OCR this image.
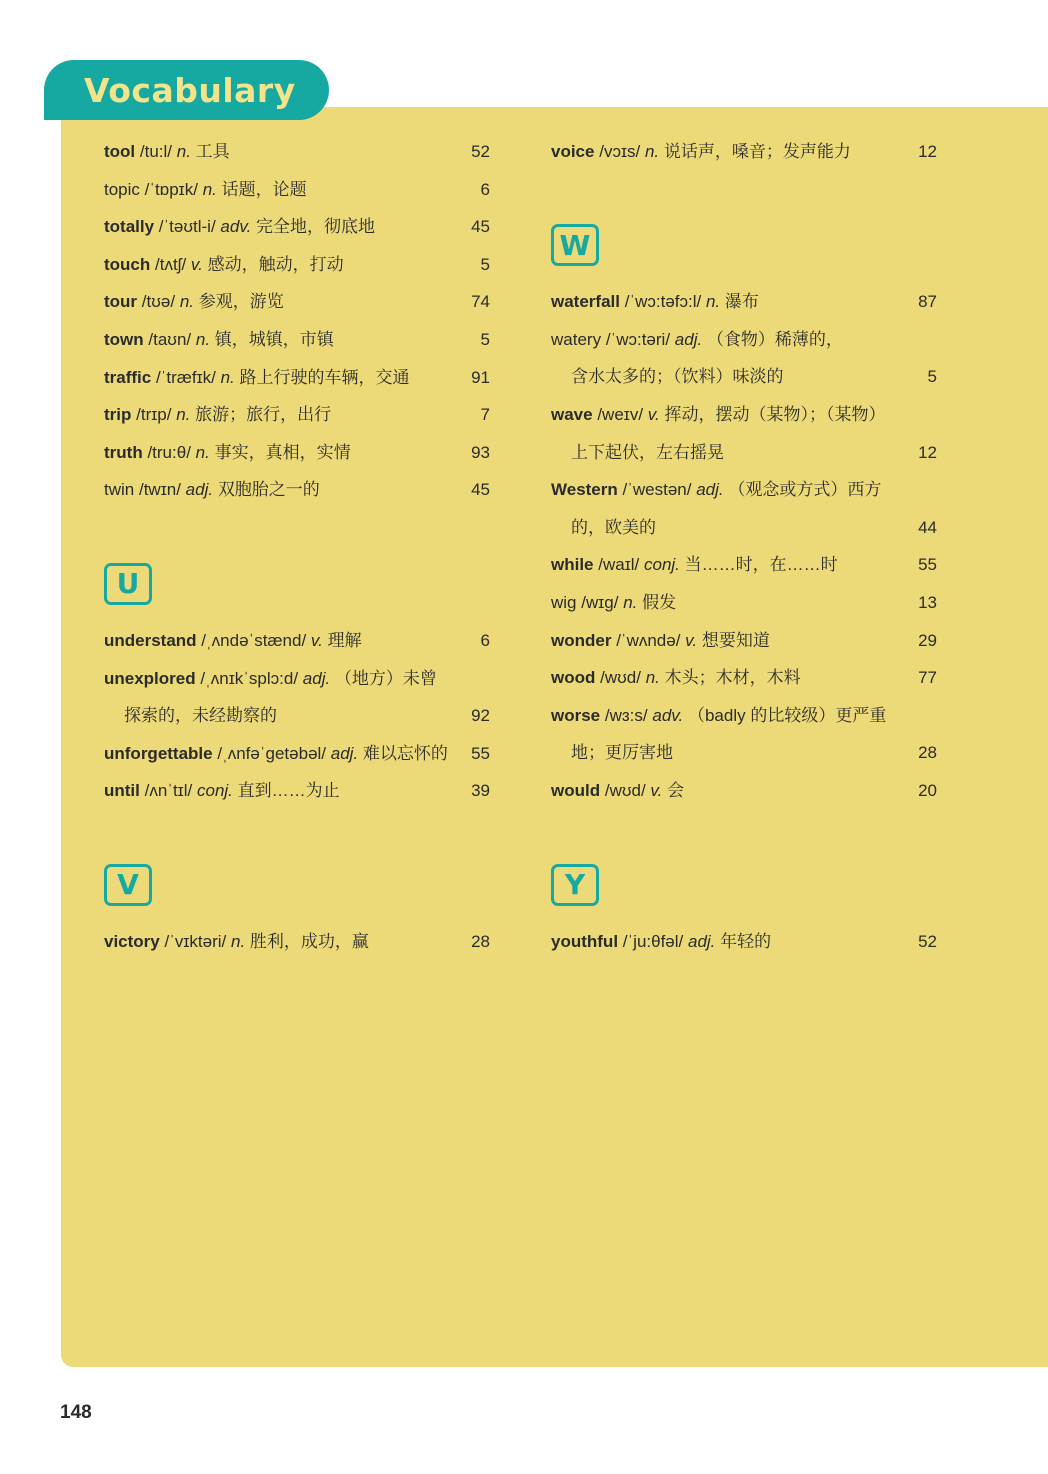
Vocabulary
tool /tu:l/ n. 工具	52
topic /ˈtɒpɪk/ n. 话题，论题	6
totally /ˈtəʊtl-i/ adv. 完全地，彻底地	45
touch /tʌtʃ/ v. 感动，触动，打动	5
tour /tʊə/ n. 参观，游览	74
town /taʊn/ n. 镇，城镇，市镇	5
traffic /ˈtræfɪk/ n. 路上行驶的车辆，交通	91
trip /trɪp/ n. 旅游；旅行，出行	7
truth /tru:θ/ n. 事实，真相，实情	93
twin /twɪn/ adj. 双胞胎之一的	45
U
understand /ˌʌndəˈstænd/ v. 理解	6
unexplored /ˌʌnɪkˈsplɔ:d/ adj. （地方）未曾
探索的，未经勘察的	92
unforgettable /ˌʌnfəˈgetəbəl/ adj. 难以忘怀的	55
until /ʌnˈtɪl/ conj. 直到……为止	39
V
victory /ˈvɪktəri/ n. 胜利，成功，赢	28
voice /vɔɪs/ n. 说话声，嗓音；发声能力	12
W
waterfall /ˈwɔ:təfɔ:l/ n. 瀑布	87
watery /ˈwɔ:təri/ adj. （食物）稀薄的，
含水太多的；（饮料）味淡的	5
wave /weɪv/ v. 挥动，摆动（某物）；（某物）
上下起伏，左右摇晃	12
Western /ˈwestən/ adj. （观念或方式）西方
的，欧美的	44
while /waɪl/ conj. 当……时，在……时	55
wig /wɪg/ n. 假发	13
wonder /ˈwʌndə/ v. 想要知道	29
wood /wʊd/ n. 木头；木材，木料	77
worse /wɜ:s/ adv. （badly 的比较级）更严重
地；更厉害地	28
would /wʊd/ v. 会	20
Y
youthful /ˈju:θfəl/ adj. 年轻的	52
148
